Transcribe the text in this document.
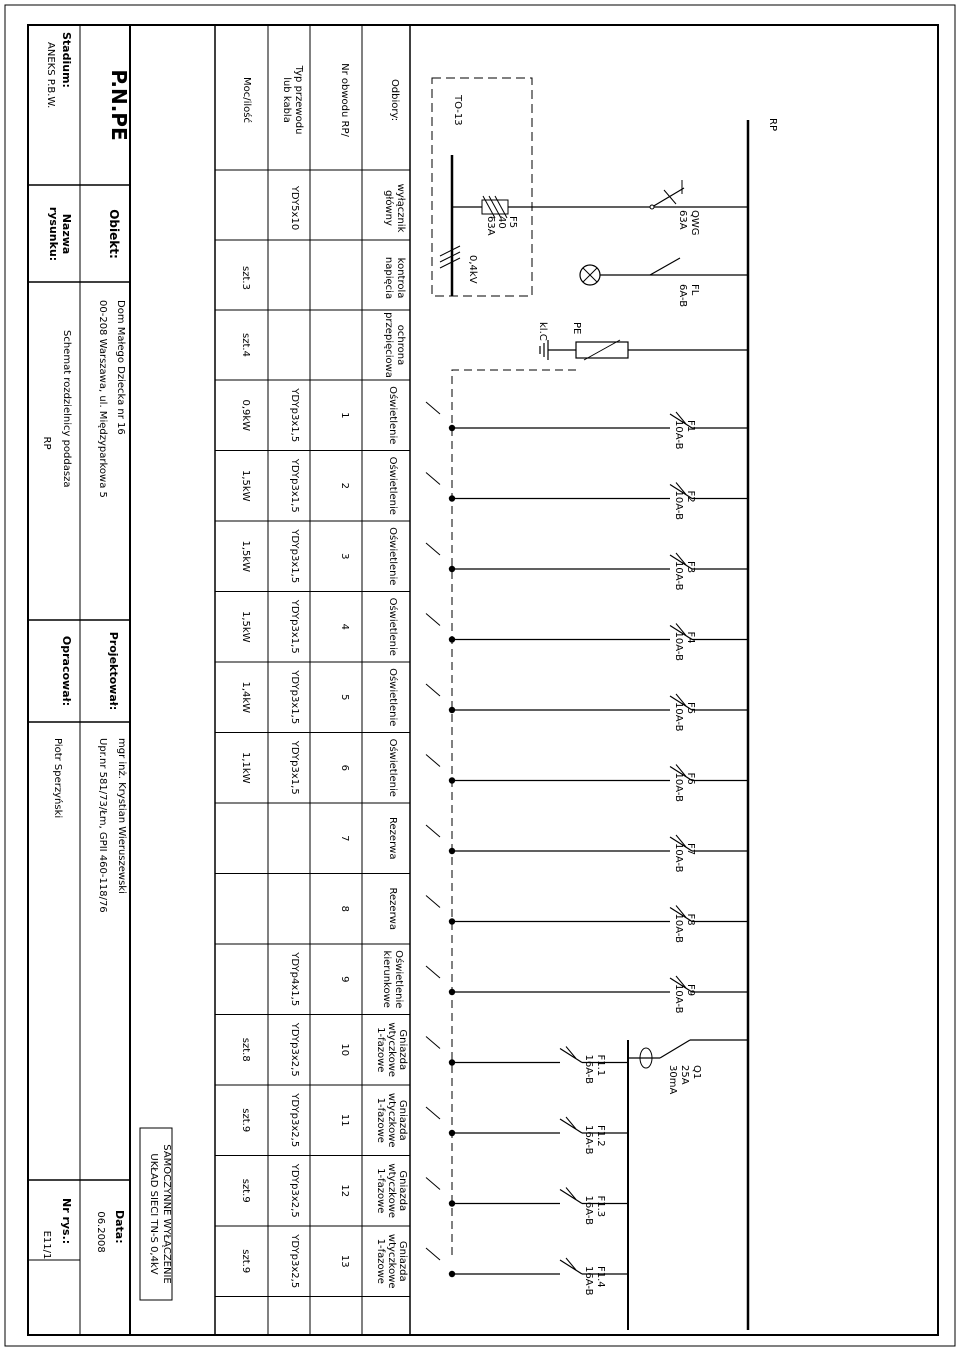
P.N.PE
Stadium:
ANEKS P.B.W.
Obiekt:
Nazwa
rysunku:
Dom Małego Dziecka nr 16
00-208 Warszawa, ul. Międzyparkowa 5
Schemat rozdzielnicy poddasza
RP
Projektował:
Opracował:
mgr inż. Krystian Wieruszewski
Upr.nr 581/73/Łm, GPII 460-118/76
Piotr Sperzyński
Data:
06.2008
Nr rys.:
E11/1	SAMOCZYNNE WYŁĄCZENIE
UKŁAD SIECI TN-S 0,4kV
Odbiory:
Nr obwodu RP/
Typ przewodu
lub kabla
Moc/ilość
wyłącznik
główny
YDY5x10
kontrola
napięcia
szt.3
ochrona
przepięciowa
szt.4
Oświetlenie
1
YDYp3x1,5
0,9kW
Oświetlenie
2
YDYp3x1,5
1,5kW
Oświetlenie
3
YDYp3x1,5
1,5kW
Oświetlenie
4
YDYp3x1,5
1,5kW
Oświetlenie
5
YDYp3x1,5
1,4kW
Oświetlenie
6
YDYp3x1,5
1,1kW
Rezerwa
7
Rezerwa
8
Oświetlenie
kierunkowe
9
YDYp4x1,5
Gniazda
wtyczkowe
1-fazowe
10
YDYp3x2,5
szt.8
Gniazda
wtyczkowe
1-fazowe
11
YDYp3x2,5
szt.9
Gniazda
wtyczkowe
1-fazowe
12
YDYp3x2,5
szt.9
Gniazda
wtyczkowe
1-fazowe
13
YDYp3x2,5
szt.9
RP
TO-13
F5
40
63A
0,4kV
QWG
63A
FL
6A-B
PE
kl.C
Q1
25A
30mA
F1
10A-B
F2
10A-B
F3
10A-B
F4
10A-B
F5
10A-B
F6
10A-B
F7
10A-B
F8
10A-B
F9
10A-B
F1.1
16A-B
F1.2
16A-B
F1.3
16A-B
F1.4
16A-B
